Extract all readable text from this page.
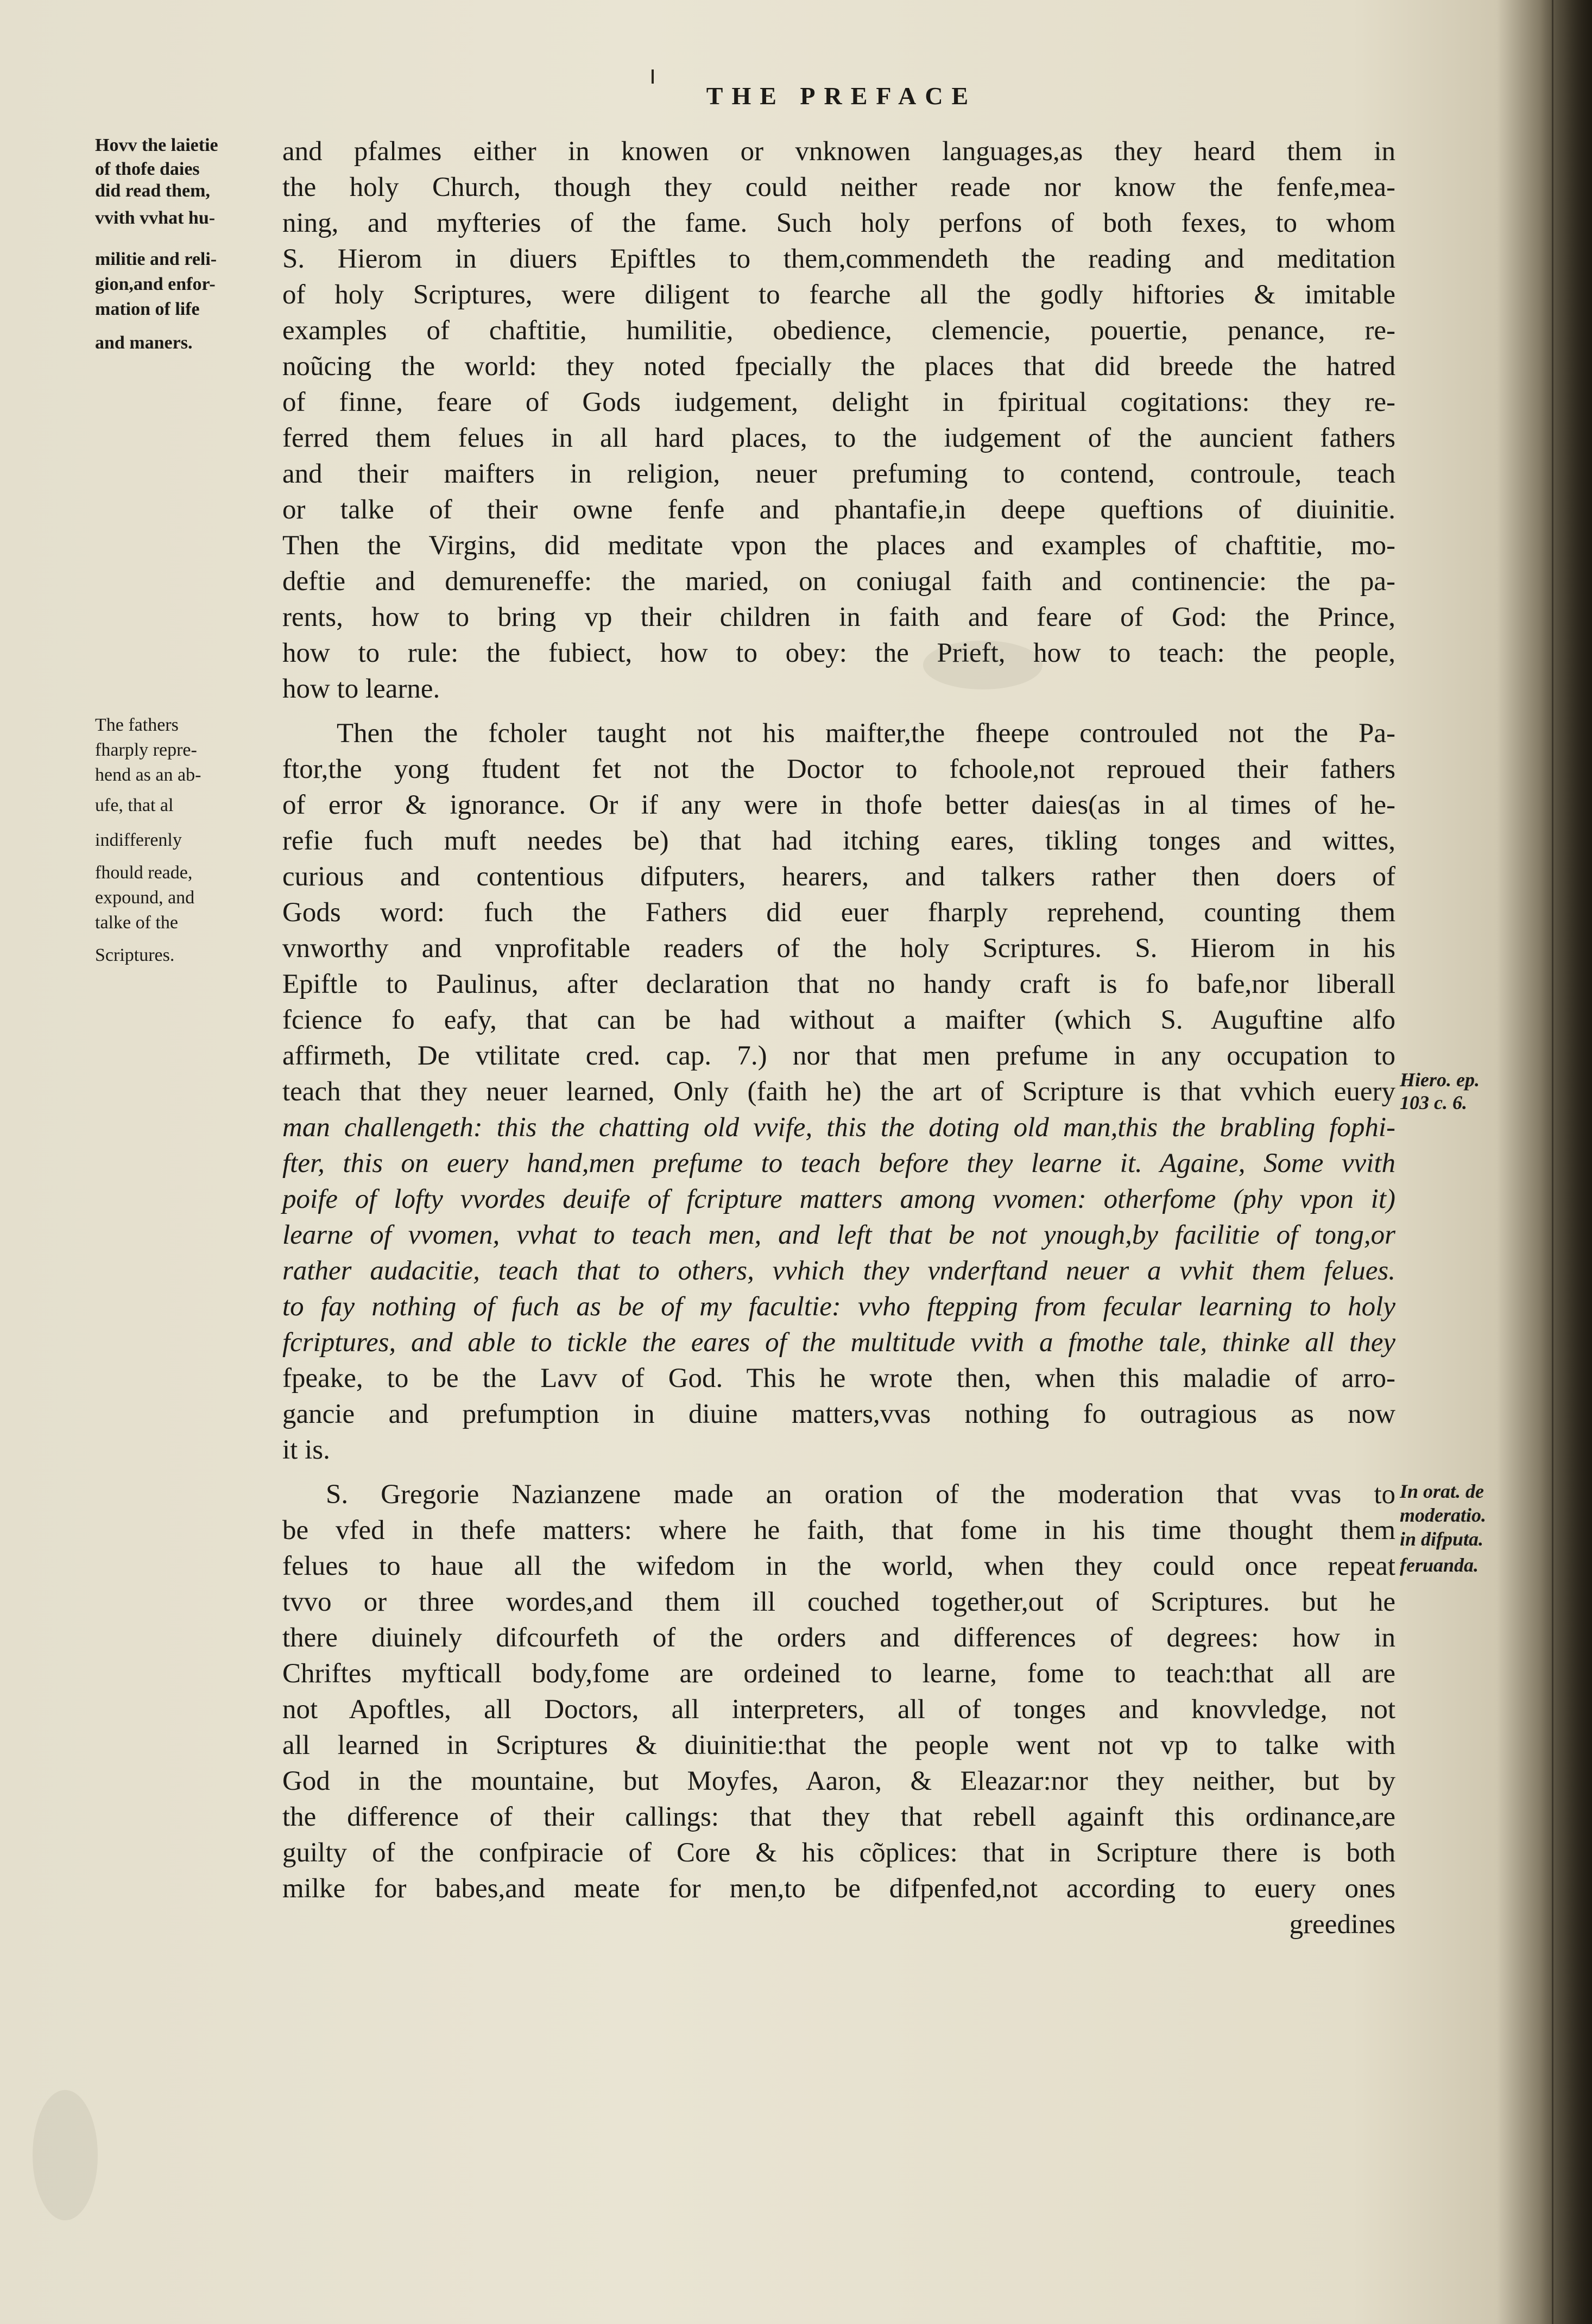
THE PREFACE
Hovv the laietie
of thofe daies
did read them,
vvith vvhat hu-
militie and reli-
gion,and enfor-
mation of life
and maners.
The fathers
fharply repre-
hend as an ab-
ufe, that al
indifferenly
fhould reade,
expound, and
talke of the
Scriptures.
Hiero. ep.
103 c. 6.
In orat. de
moderatio.
in difputa.
feruanda.
and pfalmes either in knowen or vnknowen languages,as they heard them in
the holy Church, though they could neither reade nor know the fenfe,mea-
ning, and myfteries of the fame. Such holy perfons of both fexes, to whom
S. Hierom in diuers Epiftles to them,commendeth the reading and meditation
of holy Scriptures, were diligent to fearche all the godly hiftories & imitable
examples of chaftitie, humilitie, obedience, clemencie, pouertie, penance, re-
noũcing the world: they noted fpecially the places that did breede the hatred
of finne, feare of Gods iudgement, delight in fpiritual cogitations: they re-
ferred them felues in all hard places, to the iudgement of the auncient fathers
and their maifters in religion, neuer prefuming to contend, controule, teach
or talke of their owne fenfe and phantafie,in deepe queftions of diuinitie.
Then the Virgins, did meditate vpon the places and examples of chaftitie, mo-
deftie and demureneffe: the maried, on coniugal faith and continencie: the pa-
rents, how to bring vp their children in faith and feare of God: the Prince,
how to rule: the fubiect, how to obey: the Prieft, how to teach: the people,
how to learne.
Then the fcholer taught not his maifter,the fheepe controuled not the Pa-
ftor,the yong ftudent fet not the Doctor to fchoole,not reproued their fathers
of error & ignorance. Or if any were in thofe better daies(as in al times of he-
refie fuch muft needes be) that had itching eares, tikling tonges and wittes,
curious and contentious difputers, hearers, and talkers rather then doers of
Gods word: fuch the Fathers did euer fharply reprehend, counting them
vnworthy and vnprofitable readers of the holy Scriptures. S. Hierom in his
Epiftle to Paulinus, after declaration that no handy craft is fo bafe,nor liberall
fcience fo eafy, that can be had without a maifter (which S. Auguftine alfo
affirmeth, De vtilitate cred. cap. 7.) nor that men prefume in any occupation to
teach that they neuer learned, Only (faith he) the art of Scripture is that vvhich euery
man challengeth: this the chatting old vvife, this the doting old man,this the brabling fophi-
fter, this on euery hand,men prefume to teach before they learne it. Againe, Some vvith
poife of lofty vvordes deuife of fcripture matters among vvomen: otherfome (phy vpon it)
learne of vvomen, vvhat to teach men, and left that be not ynough,by facilitie of tong,or
rather audacitie, teach that to others, vvhich they vnderftand neuer a vvhit them felues.
to fay nothing of fuch as be of my facultie: vvho ftepping from fecular learning to holy
fcriptures, and able to tickle the eares of the multitude vvith a fmothe tale, thinke all they
fpeake, to be the Lavv of God. This he wrote then, when this maladie of arro-
gancie and prefumption in diuine matters,vvas nothing fo outragious as now
it is.
S. Gregorie Nazianzene made an oration of the moderation that vvas to
be vfed in thefe matters: where he faith, that fome in his time thought them
felues to haue all the wifedom in the world, when they could once repeat
tvvo or three wordes,and them ill couched together,out of Scriptures. but he
there diuinely difcourfeth of the orders and differences of degrees: how in
Chriftes myfticall body,fome are ordeined to learne, fome to teach:that all are
not Apoftles, all Doctors, all interpreters, all of tonges and knovvledge, not
all learned in Scriptures & diuinitie:that the people went not vp to talke with
God in the mountaine, but Moyfes, Aaron, & Eleazar:nor they neither, but by
the difference of their callings: that they that rebell againft this ordinance,are
guilty of the confpiracie of Core & his cõplices: that in Scripture there is both
milke for babes,and meate for men,to be difpenfed,not according to euery ones
greedines
